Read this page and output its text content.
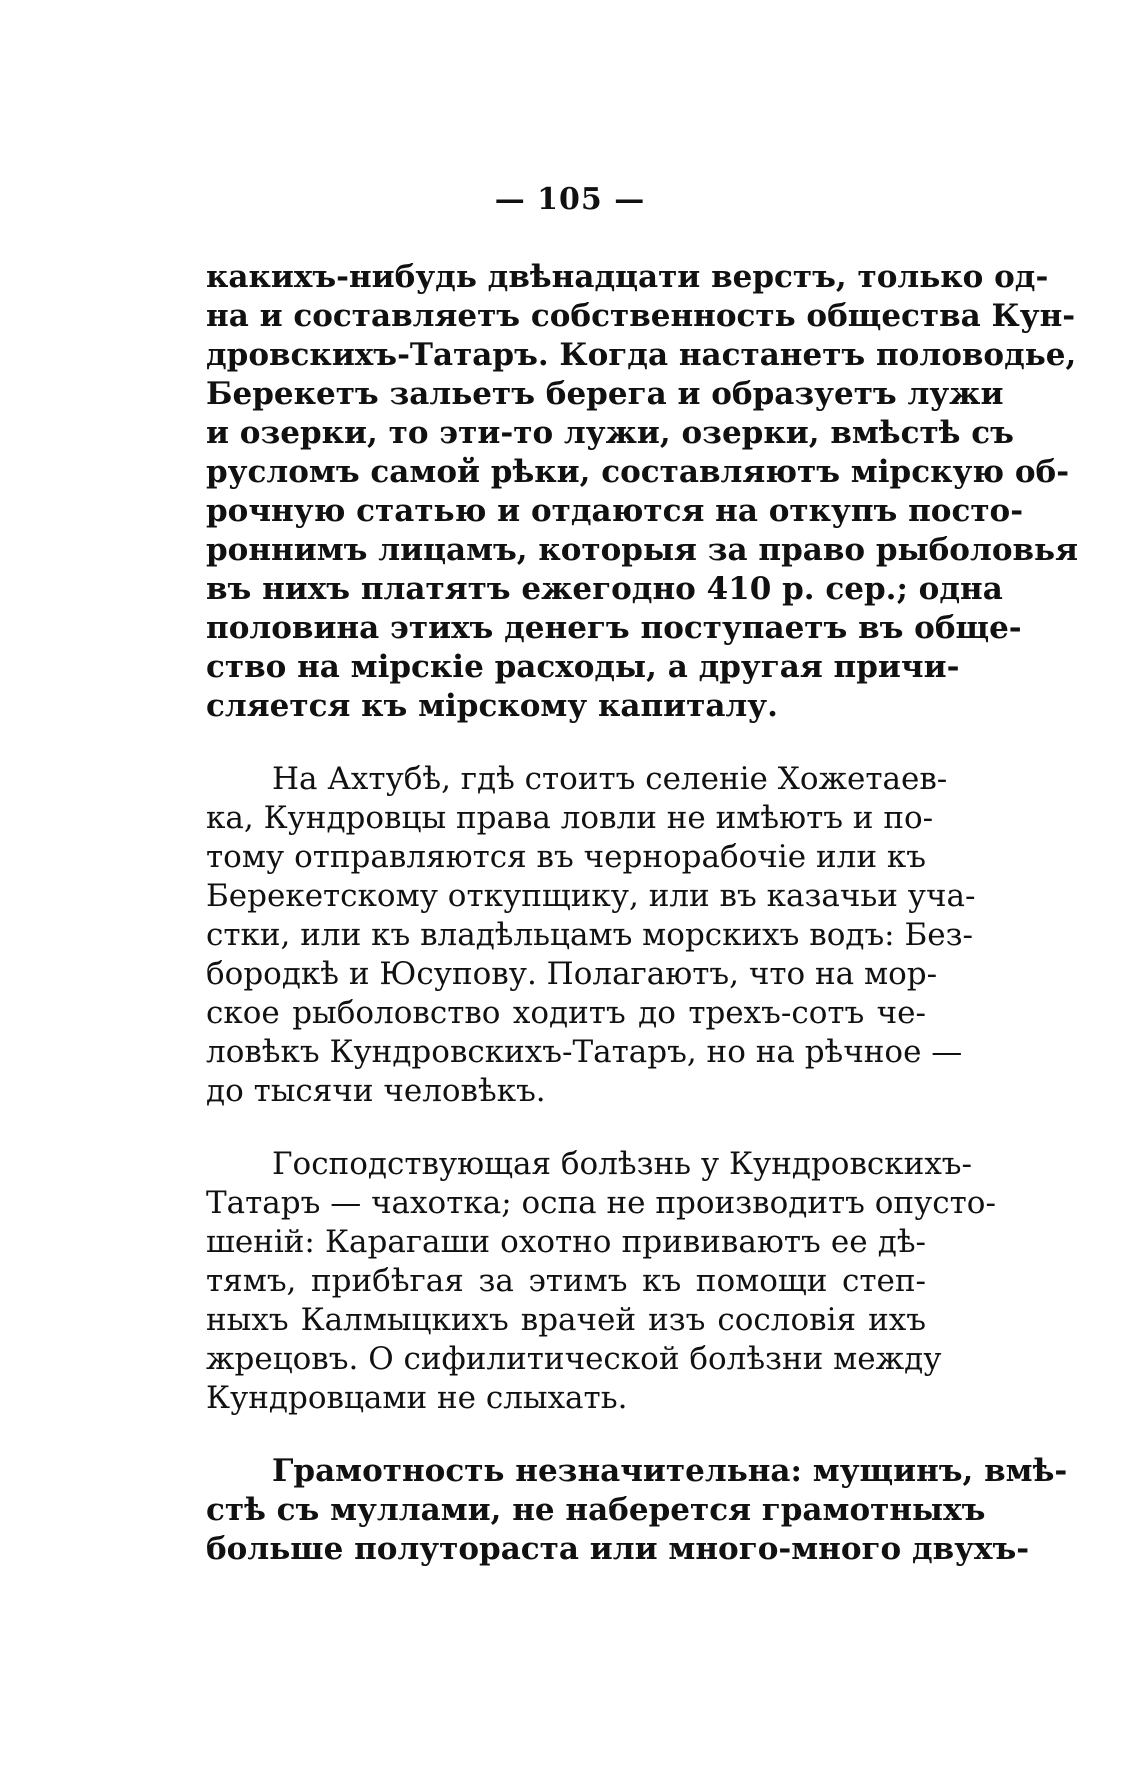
— 105 —
какихъ-нибудь двѣнадцати верстъ, только од-
на и составляетъ собственность общества Кун-
дровскихъ-Татаръ. Когда настанетъ половодье,
Берекетъ зальетъ берега и образуетъ лужи
и озерки, то эти-то лужи, озерки, вмѣстѣ съ
русломъ самой рѣки, составляютъ мірскую об-
рочную статью и отдаются на откупъ посто-
роннимъ лицамъ, которыя за право рыболовья
въ нихъ платятъ ежегодно 410 р. сер.; одна
половина этихъ денегъ поступаетъ въ обще-
ство на мірскіе расходы, а другая причи-
сляется къ мірскому капиталу.
На Ахтубѣ, гдѣ стоитъ селеніе Хожетаев-
ка, Кундровцы права ловли не имѣютъ и по-
тому отправляются въ чернорабочіе или къ
Берекетскому откупщику, или въ казачьи уча-
стки, или къ владѣльцамъ морскихъ водъ: Без-
бородкѣ и Юсупову. Полагаютъ, что на мор-
ское рыболовство ходитъ до трехъ-сотъ че-
ловѣкъ Кундровскихъ-Татаръ, но на рѣчное —
до тысячи человѣкъ.
Господствующая болѣзнь у Кундровскихъ-
Татаръ — чахотка; оспа не производитъ опусто-
шеній: Карагаши охотно прививаютъ ее дѣ-
тямъ, прибѣгая за этимъ къ помощи степ-
ныхъ Калмыцкихъ врачей изъ сословія ихъ
жрецовъ. О сифилитической болѣзни между
Кундровцами не слыхать.
Грамотность незначительна: мущинъ, вмѣ-
стѣ съ муллами, не наберется грамотныхъ
больше полутораста или много-много двухъ-
